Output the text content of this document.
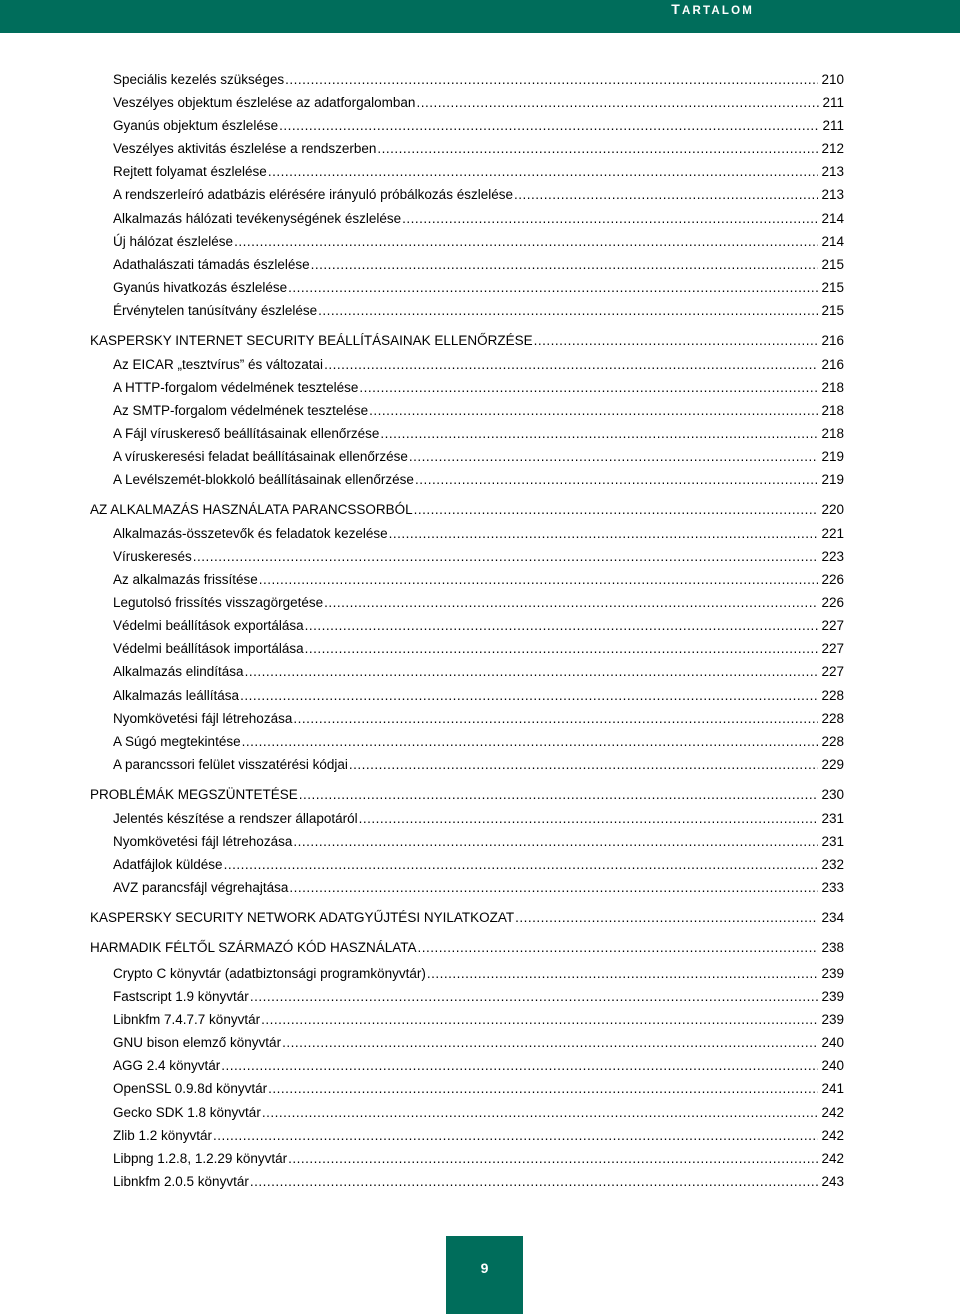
TARTALOM
Speciális kezelés szükséges .....	210
Veszélyes objektum észlelése az adatforgalomban .....	211
Gyanús objektum észlelése .....	211
Veszélyes aktivitás észlelése a rendszerben .....	212
Rejtett folyamat észlelése .....	213
A rendszerleíró adatbázis elérésére irányuló próbálkozás észlelése .....	213
Alkalmazás hálózati tevékenységének észlelése .....	214
Új hálózat észlelése .....	214
Adathalászati támadás észlelése .....	215
Gyanús hivatkozás észlelése .....	215
Érvénytelen tanúsítvány észlelése .....	215
KASPERSKY INTERNET SECURITY BEÁLLÍTÁSAINAK ELLENŐRZÉSE .....	216
Az EICAR „tesztvírus” és változatai .....	216
A HTTP-forgalom védelmének tesztelése .....	218
Az SMTP-forgalom védelmének tesztelése .....	218
A Fájl víruskereső beállításainak ellenőrzése .....	218
A víruskeresési feladat beállításainak ellenőrzése .....	219
A Levélszemét-blokkoló beállításainak ellenőrzése .....	219
AZ ALKALMAZÁS HASZNÁLATA PARANCSSORBÓL .....	220
Alkalmazás-összetevők és feladatok kezelése .....	221
Víruskeresés .....	223
Az alkalmazás frissítése .....	226
Legutolsó frissítés visszagörgetése .....	226
Védelmi beállítások exportálása .....	227
Védelmi beállítások importálása .....	227
Alkalmazás elindítása .....	227
Alkalmazás leállítása .....	228
Nyomkövetési fájl létrehozása .....	228
A Súgó megtekintése .....	228
A parancssori felület visszatérési kódjai .....	229
PROBLÉMÁK MEGSZÜNTETÉSE .....	230
Jelentés készítése a rendszer állapotáról .....	231
Nyomkövetési fájl létrehozása .....	231
Adatfájlok küldése .....	232
AVZ parancsfájl végrehajtása .....	233
KASPERSKY SECURITY NETWORK ADATGYŰJTÉSI NYILATKOZAT .....	234
HARMADIK FÉLTŐL SZÁRMAZÓ KÓD HASZNÁLATA .....	238
Crypto C könyvtár (adatbiztonsági programkönyvtár) .....	239
Fastscript 1.9 könyvtár .....	239
Libnkfm 7.4.7.7 könyvtár .....	239
GNU bison elemző könyvtár .....	240
AGG 2.4 könyvtár .....	240
OpenSSL 0.9.8d könyvtár .....	241
Gecko SDK 1.8 könyvtár .....	242
Zlib 1.2 könyvtár .....	242
Libpng 1.2.8, 1.2.29 könyvtár .....	242
Libnkfm 2.0.5 könyvtár .....	243
9
